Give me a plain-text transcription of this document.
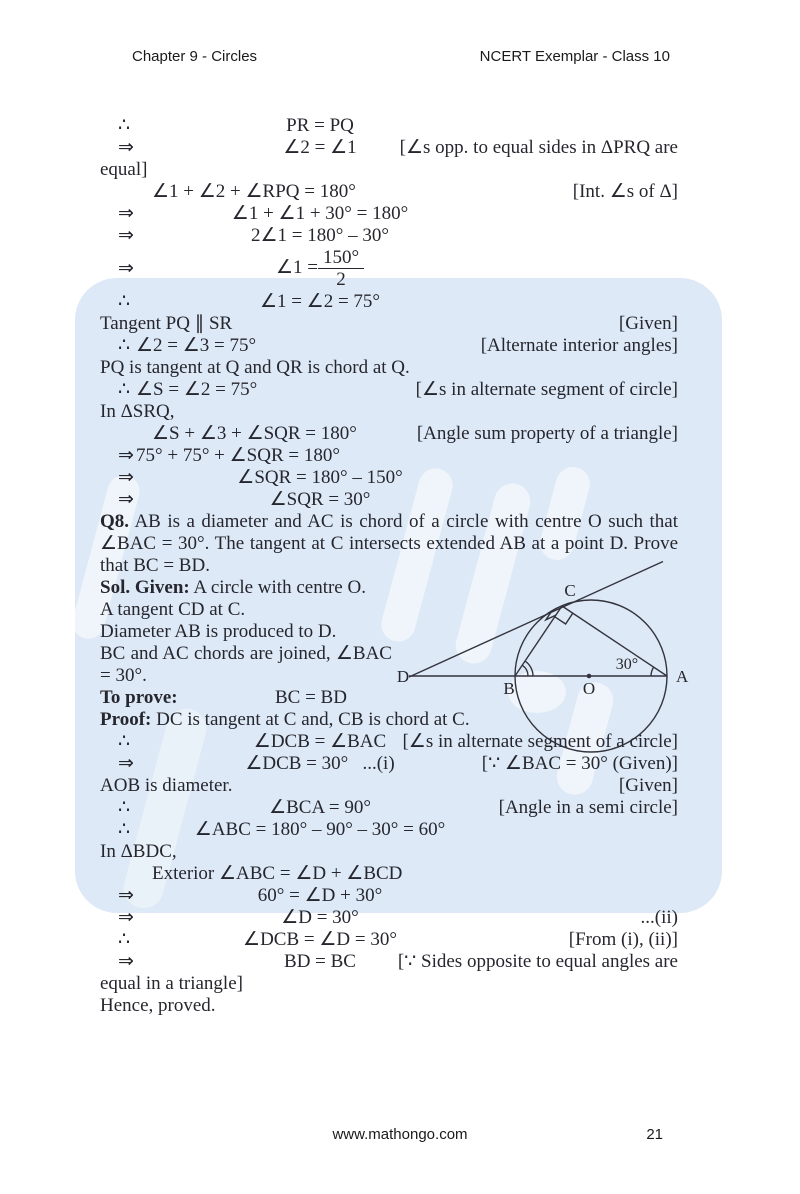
Chapter 9 - Circles	NCERT Exemplar - Class 10
∴	PR = PQ
⇒	∠2 = ∠1 [∠s opp. to equal sides in ΔPRQ are
equal]
∠1 + ∠2 + ∠RPQ = 180°	[Int. ∠s of Δ]
⇒	∠1 + ∠1 + 30° = 180°
⇒	2∠1 = 180° – 30°
⇒	∠1 = $\frac{150^\circ}{2}$
∴	∠1 = ∠2 = 75°
Tangent PQ ∥ SR	[Given]
∴ ∠2 = ∠3 = 75°	[Alternate interior angles]
PQ is tangent at Q and QR is chord at Q.
∴ ∠S = ∠2 = 75°	[∠s in alternate segment of circle]
In ΔSRQ,
∠S + ∠3 + ∠SQR = 180°	[Angle sum property of a triangle]
⇒ 75° + 75° + ∠SQR = 180°
⇒	∠SQR = 180° – 150°
⇒	∠SQR = 30°
Q8. AB is a diameter and AC is chord of a circle with centre O such that ∠BAC = 30°. The tangent at C intersects extended AB at a point D. Prove that BC = BD.
Sol. Given: A circle with centre O.
A tangent CD at C.
Diameter AB is produced to D.
BC and AC chords are joined, ∠BAC = 30°.
To prove:	BC = BD
Proof: DC is tangent at C and, CB is chord at C.
∴	∠DCB = ∠BAC [∠s in alternate segment of a circle]
⇒	∠DCB = 30°   ...(i)	[∵ ∠BAC = 30° (Given)]
AOB is diameter.	[Given]
∴	∠BCA = 90°	[Angle in a semi circle]
∴	∠ABC = 180° – 90° – 30° = 60°
In ΔBDC,
Exterior ∠ABC = ∠D + ∠BCD
⇒	60° = ∠D + 30°
⇒	∠D = 30°	...(ii)
∴	∠DCB = ∠D = 30°	[From (i), (ii)]
⇒	BD = BC [∵ Sides opposite to equal angles are
equal in a triangle]
Hence, proved.
C
D
B	O
A
30°
www.mathongo.com	21
